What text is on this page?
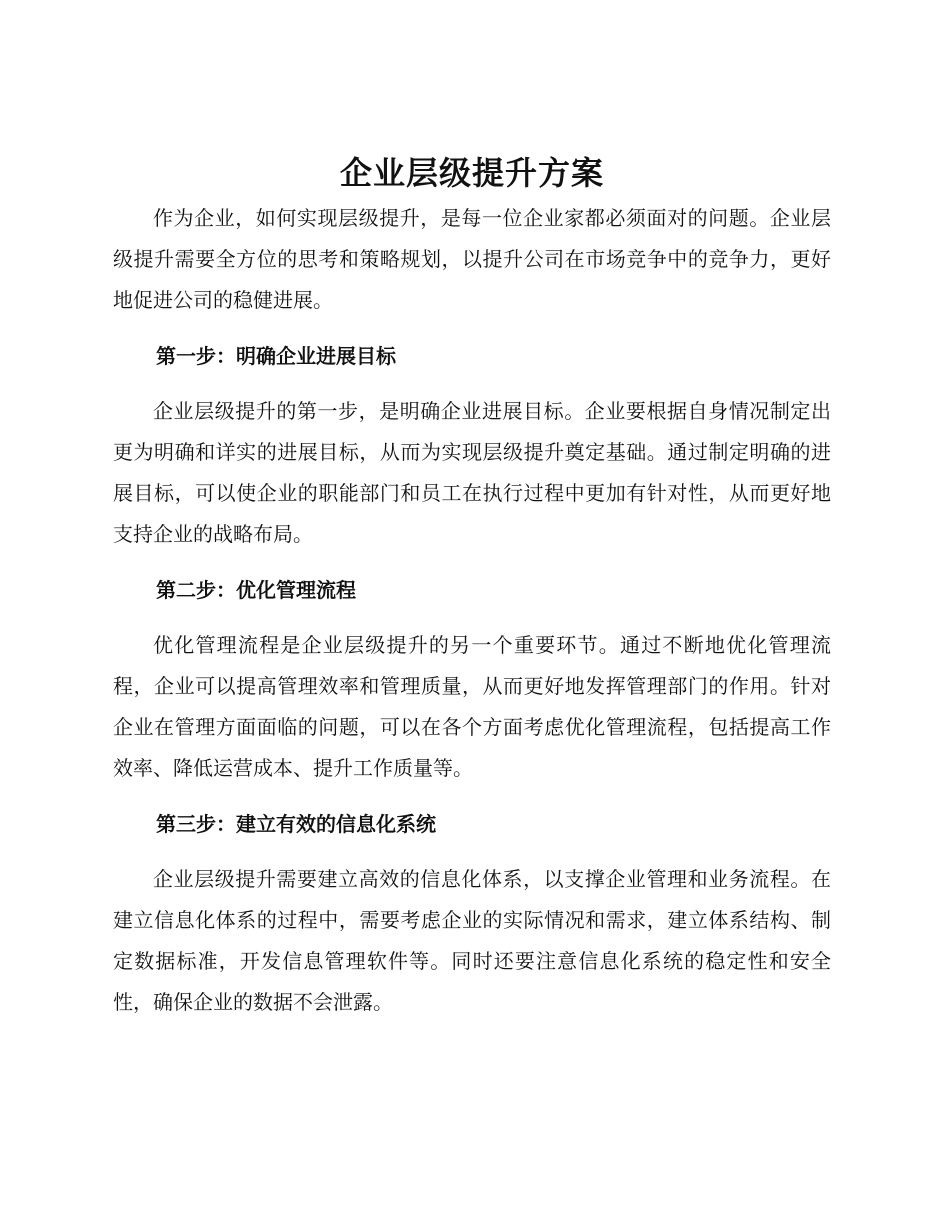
企业层级提升方案

作为企业，如何实现层级提升，是每一位企业家都必须面对的问题。企业层级提升需要全方位的思考和策略规划，以提升公司在市场竞争中的竞争力，更好地促进公司的稳健进展。

第一步：明确企业进展目标

企业层级提升的第一步，是明确企业进展目标。企业要根据自身情况制定出更为明确和详实的进展目标，从而为实现层级提升奠定基础。通过制定明确的进展目标，可以使企业的职能部门和员工在执行过程中更加有针对性，从而更好地支持企业的战略布局。

第二步：优化管理流程

优化管理流程是企业层级提升的另一个重要环节。通过不断地优化管理流程，企业可以提高管理效率和管理质量，从而更好地发挥管理部门的作用。针对企业在管理方面面临的问题，可以在各个方面考虑优化管理流程，包括提高工作效率、降低运营成本、提升工作质量等。

第三步：建立有效的信息化系统

企业层级提升需要建立高效的信息化体系，以支撑企业管理和业务流程。在建立信息化体系的过程中，需要考虑企业的实际情况和需求，建立体系结构、制定数据标准，开发信息管理软件等。同时还要注意信息化系统的稳定性和安全性，确保企业的数据不会泄露。
